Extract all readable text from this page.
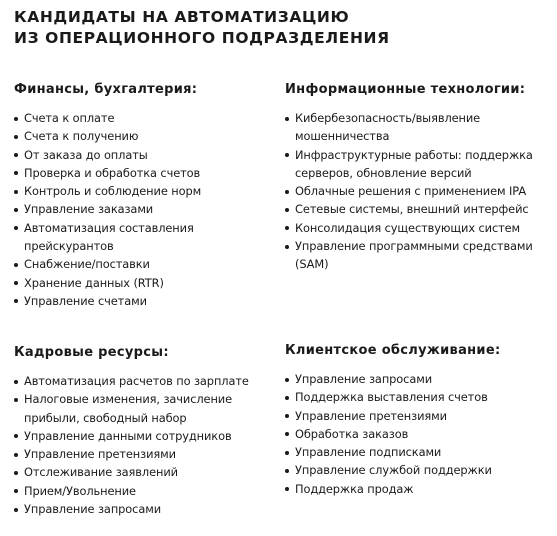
КАНДИДАТЫ НА АВТОМАТИЗАЦИЮ
ИЗ ОПЕРАЦИОННОГО ПОДРАЗДЕЛЕНИЯ
Финансы, бухгалтерия:
Счета к оплате
Счета к получению
От заказа до оплаты
Проверка и обработка счетов
Контроль и соблюдение норм
Управление заказами
Автоматизация составления прейскурантов
Снабжение/поставки
Хранение данных (RTR)
Управление счетами
Информационные технологии:
Кибербезопасность/выявление мошенничества
Инфраструктурные работы: поддержка серверов, обновление версий
Облачные решения с применением IPA
Сетевые системы, внешний интерфейс
Консолидация существующих систем
Управление программными средствами (SAM)
Кадровые ресурсы:
Автоматизация расчетов по зарплате
Налоговые изменения, зачисление прибыли, свободный набор
Управление данными сотрудников
Управление претензиями
Отслеживание заявлений
Прием/Увольнение
Управление запросами
Клиентское обслуживание:
Управление запросами
Поддержка выставления счетов
Управление претензиями
Обработка заказов
Управление подписками
Управление службой поддержки
Поддержка продаж
